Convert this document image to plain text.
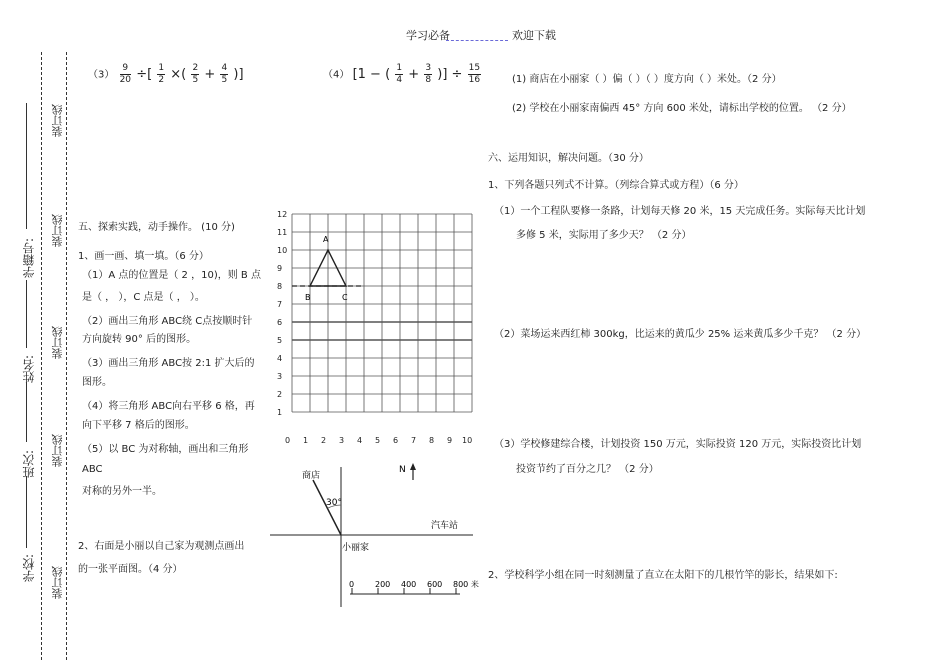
学习必备	欢迎下载
装订线
装订线
装订线
装订线
装订线
学籍号:
姓名:
班次:
学校:
$(3) \frac{9}{20}$ ÷[ $\frac{1}{2}$ ×( $\frac{2}{5} + \frac{4}{5}$ )]	（4） [1 − ( $\frac{1}{4} + \frac{3}{8}$ )] ÷ $\frac{15}{16}$
五、探索实践，动手操作。 (10 分)
1、画一画、填一填。（6 分）
（1）A 点的位置是（ 2 ，10)，则 B 点
是（ ， ），C 点是（ ， ）。
（2）画出三角形 ABC绕 C点按顺时针
方向旋转 90° 后的图形。
（3）画出三角形 ABC按 2:1 扩大后的
图形。
（4）将三角形 ABC向右平移 6 格，再
向下平移 7 格后的图形。
（5）以 BC 为对称轴，画出和三角形
ABC
对称的另外一半。
2、右面是小丽以自己家为观测点画出
的一张平面图。（4 分）
12
11
10
9
8
7
6
5
4
3
2
1
0 1 2 3 4 5 6 7 8 9 10
A
B	C
商店
30°
汽车站
小丽家
N
0	200 400 600 800 米
(1) 商店在小丽家（ ）偏（ ）（ ）度方向（ ）米处。（2 分）
(2) 学校在小丽家南偏西 45° 方向 600 米处，请标出学校的位置。 （2 分）
六、运用知识，解决问题。（30 分）
1、下列各题只列式不计算。（列综合算式或方程）（6 分）
（1）一个工程队要修一条路，计划每天修 20 米，15 天完成任务。实际每天比计划
多修 5 米，实际用了多少天？ （2 分）
（2）菜场运来西红柿 300kg，比运来的黄瓜少 25% 运来黄瓜多少千克？ （2 分）
（3）学校修建综合楼，计划投资 150 万元，实际投资 120 万元，实际投资比计划
投资节约了百分之几？ （2 分）
2、学校科学小组在同一时刻测量了直立在太阳下的几根竹竿的影长，结果如下:
